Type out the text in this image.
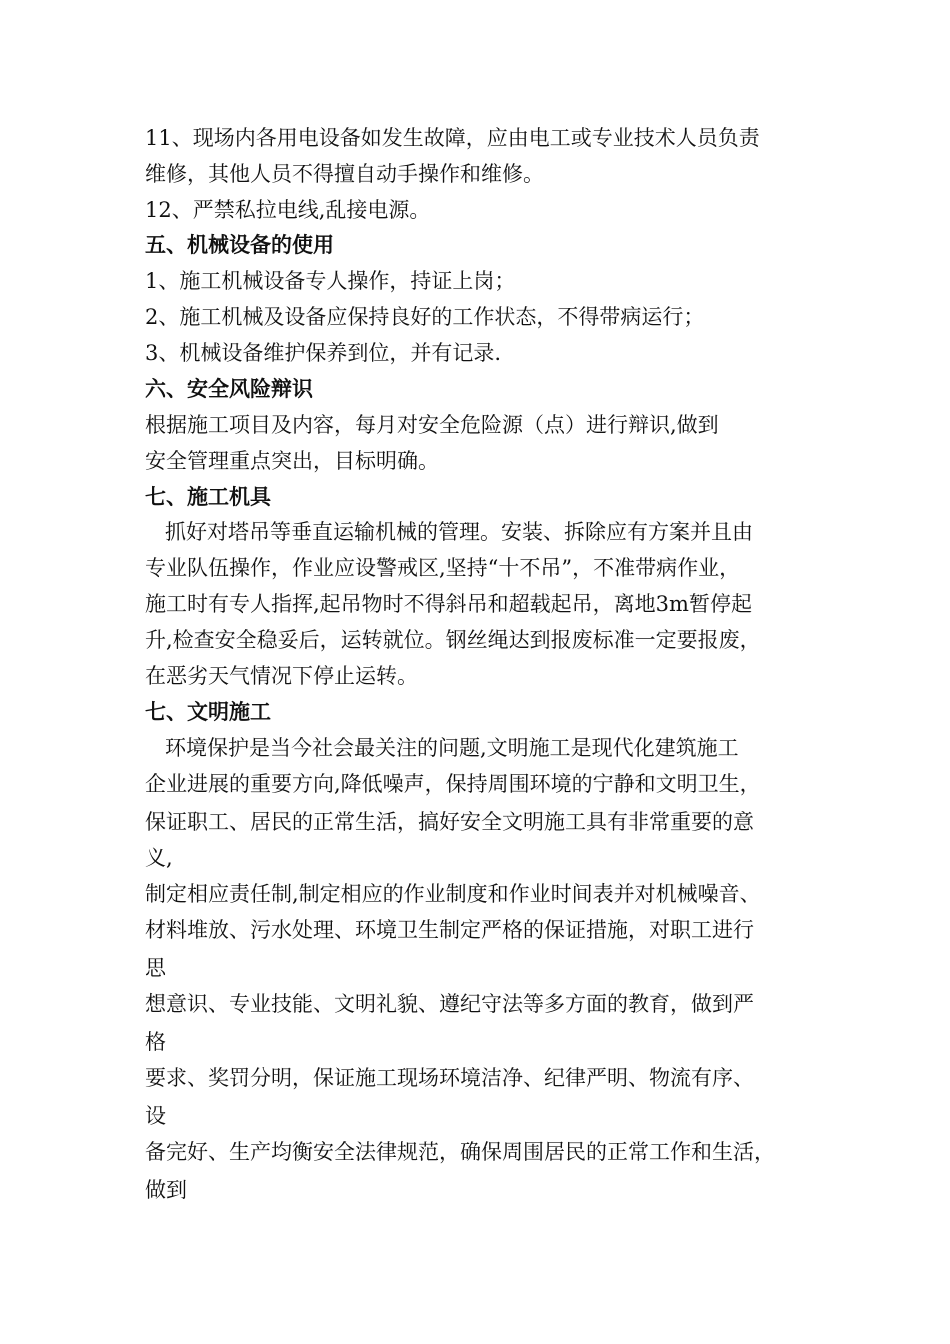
11、现场内各用电设备如发生故障，应由电工或专业技术人员负责

维修，其他人员不得擅自动手操作和维修。

12、严禁私拉电线,乱接电源。

五、机械设备的使用

1、施工机械设备专人操作，持证上岗；

2、施工机械及设备应保持良好的工作状态，不得带病运行；

3、机械设备维护保养到位，并有记录.

六、安全风险辩识

根据施工项目及内容，每月对安全危险源（点）进行辩识,做到

安全管理重点突出，目标明确。

七、施工机具

抓好对塔吊等垂直运输机械的管理。安装、拆除应有方案并且由

专业队伍操作，作业应设警戒区,坚持“十不吊”，不准带病作业，

施工时有专人指挥,起吊物时不得斜吊和超载起吊，离地3m暂停起

升,检查安全稳妥后，运转就位。钢丝绳达到报废标准一定要报废，

在恶劣天气情况下停止运转。

七、文明施工

环境保护是当今社会最关注的问题,文明施工是现代化建筑施工

企业进展的重要方向,降低噪声，保持周围环境的宁静和文明卫生，

保证职工、居民的正常生活，搞好安全文明施工具有非常重要的意

义,

制定相应责任制,制定相应的作业制度和作业时间表并对机械噪音、

材料堆放、污水处理、环境卫生制定严格的保证措施，对职工进行

思

想意识、专业技能、文明礼貌、遵纪守法等多方面的教育，做到严

格

要求、奖罚分明，保证施工现场环境洁净、纪律严明、物流有序、

设

备完好、生产均衡安全法律规范，确保周围居民的正常工作和生活，

做到
